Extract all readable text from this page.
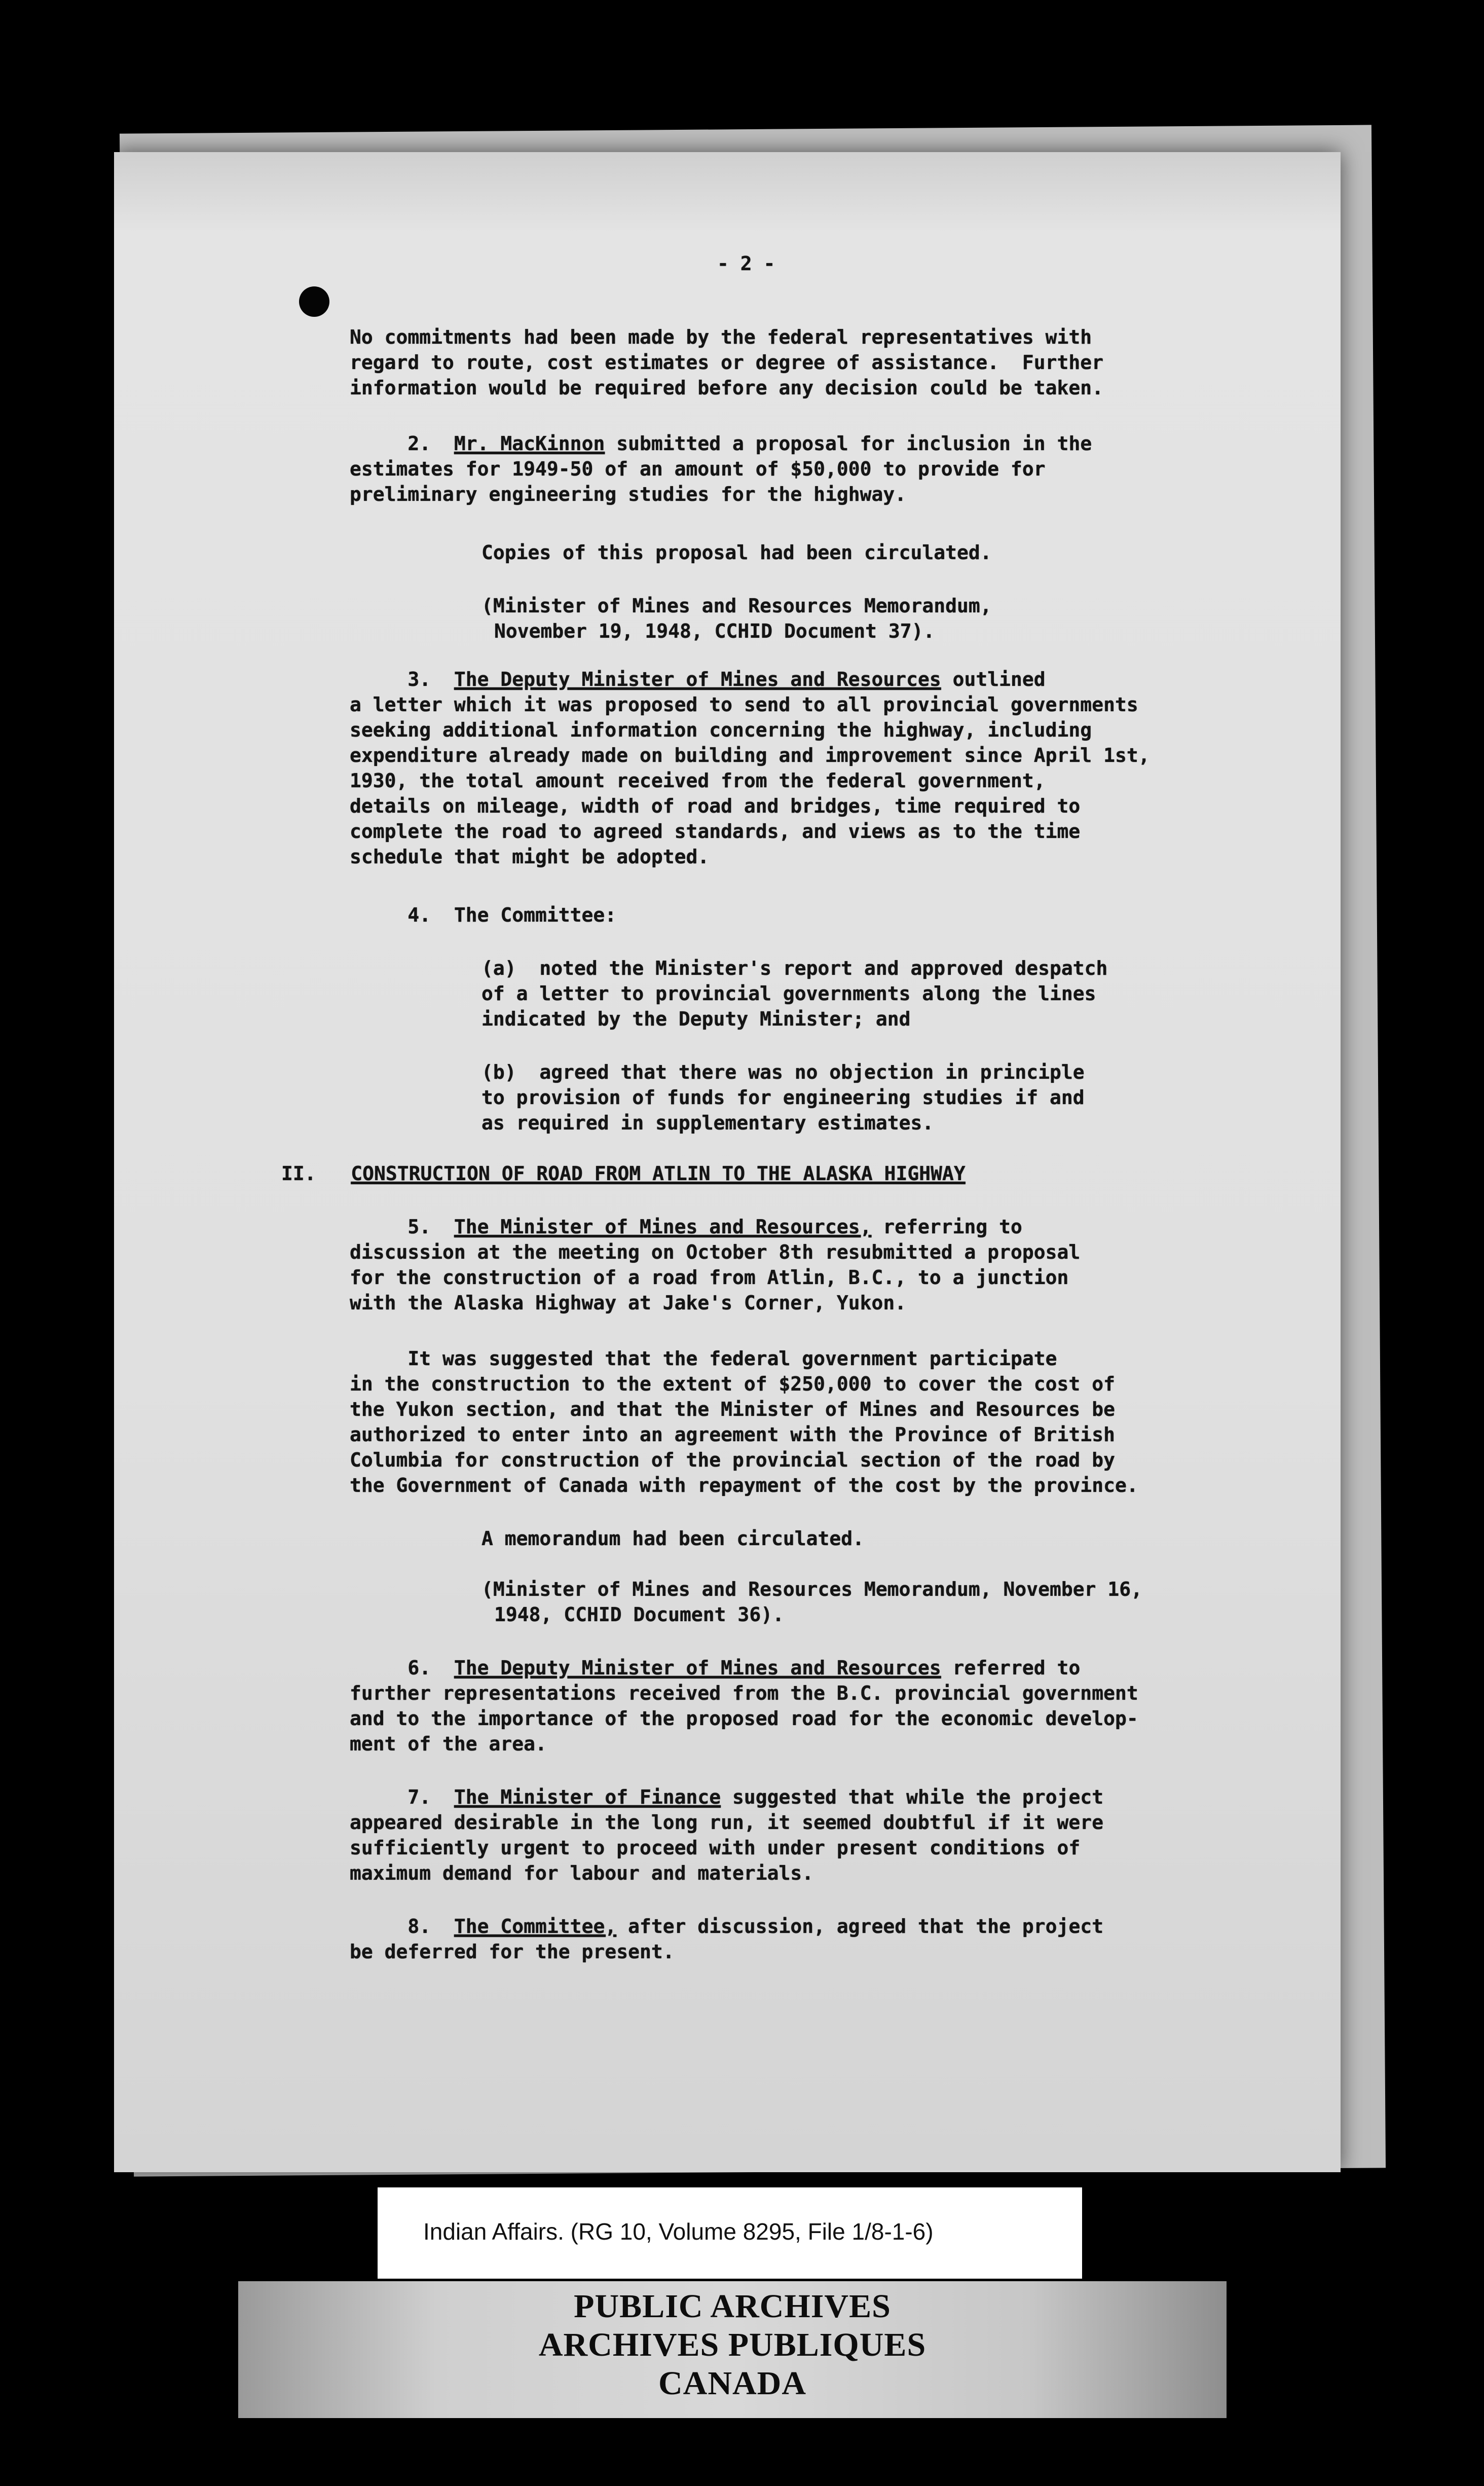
- 2 -
No commitments had been made by the federal representatives with
regard to route, cost estimates or degree of assistance.  Further
information would be required before any decision could be taken.
2.  Mr. MacKinnon submitted a proposal for inclusion in the
estimates for 1949-50 of an amount of $50,000 to provide for
preliminary engineering studies for the highway.
Copies of this proposal had been circulated.
(Minister of Mines and Resources Memorandum,
November 19, 1948, CCHID Document 37).
3.  The Deputy Minister of Mines and Resources outlined
a letter which it was proposed to send to all provincial governments
seeking additional information concerning the highway, including
expenditure already made on building and improvement since April 1st,
1930, the total amount received from the federal government,
details on mileage, width of road and bridges, time required to
complete the road to agreed standards, and views as to the time
schedule that might be adopted.
4.  The Committee:
(a)  noted the Minister's report and approved despatch
of a letter to provincial governments along the lines
indicated by the Deputy Minister; and
(b)  agreed that there was no objection in principle
to provision of funds for engineering studies if and
as required in supplementary estimates.
II.   CONSTRUCTION OF ROAD FROM ATLIN TO THE ALASKA HIGHWAY
5.  The Minister of Mines and Resources, referring to
discussion at the meeting on October 8th resubmitted a proposal
for the construction of a road from Atlin, B.C., to a junction
with the Alaska Highway at Jake's Corner, Yukon.
It was suggested that the federal government participate
in the construction to the extent of $250,000 to cover the cost of
the Yukon section, and that the Minister of Mines and Resources be
authorized to enter into an agreement with the Province of British
Columbia for construction of the provincial section of the road by
the Government of Canada with repayment of the cost by the province.
A memorandum had been circulated.
(Minister of Mines and Resources Memorandum, November 16,
1948, CCHID Document 36).
6.  The Deputy Minister of Mines and Resources referred to
further representations received from the B.C. provincial government
and to the importance of the proposed road for the economic develop-
ment of the area.
7.  The Minister of Finance suggested that while the project
appeared desirable in the long run, it seemed doubtful if it were
sufficiently urgent to proceed with under present conditions of
maximum demand for labour and materials.
8.  The Committee, after discussion, agreed that the project
be deferred for the present.
Indian Affairs. (RG 10, Volume 8295, File 1/8-1-6)
PUBLIC ARCHIVES
ARCHIVES PUBLIQUES
CANADA
